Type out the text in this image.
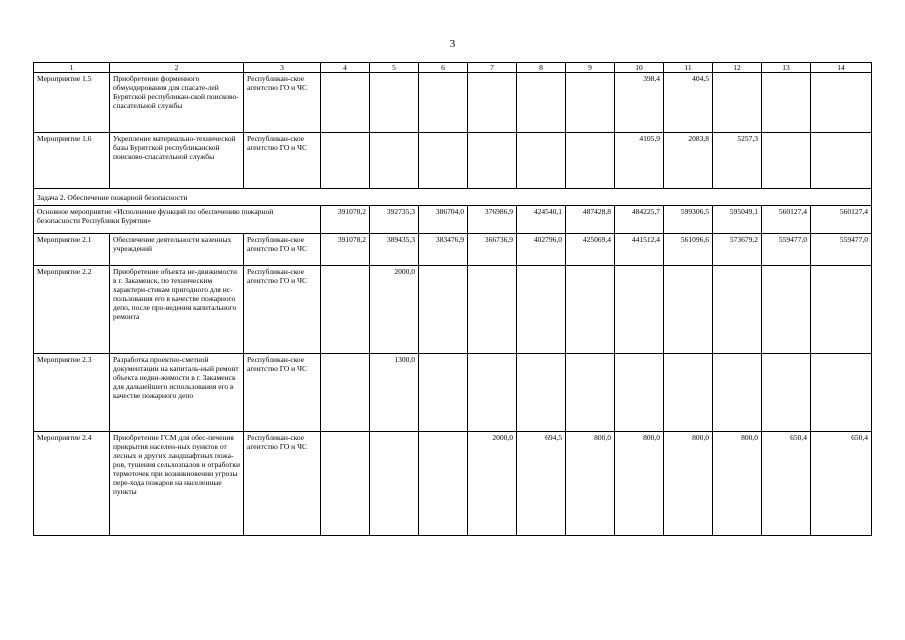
3
1	2	3	4	5	6	7	8	9	10	11	12	13	14
Мероприятие 1.5	Приобретение форменного обмундирования для спасате-лей Бурятской республикан-ской поисково-спасательной службы	Республикан-ское агентство ГО и ЧС							398,4	404,5			
Мероприятие 1.6	Укрепление материально-технической базы Бурятской республиканской поисково-спасательной службы	Республикан-ское агентство ГО и ЧС							4105,9	2083,8	5257,3		
Задача 2. Обеспечение пожарной безопасности													
Основное мероприятие «Исполнение функций по обеспечению пожарной безопасности Республики Бурятия»			391078,2	392735,3	386704,0	376986,9	424540,1	487428,8	484225,7	599306,5	595049,1	560127,4	560127,4
Мероприятие 2.1	Обеспечение деятельности казенных учреждений	Республикан-ское агентство ГО и ЧС	391078,2	389435,3	383476,9	366736,9	402796,0	425069,4	441512,4	561096,6	573679,2	559477,0	559477,0
Мероприятие 2.2	Приобретение объекта не-движимости в г. Закаменск, по техническим характери-стикам пригодного для ис-пользования его в качестве пожарного депо, после про-ведения капитального ремонта	Республикан-ское агентство ГО и ЧС		2000,0									
Мероприятие 2.3	Разработка проектно-сметной документации на капиталь-ный ремонт объекта недви-жимости в г. Закаменск для дальнейшего использования его в качестве пожарного депо	Республикан-ское агентство ГО и ЧС		1300,0									
Мероприятие 2.4	Приобретение ГСМ для обес-печения прикрытия населен-ных пунктов от лесных и других ландшафтных пожа-ров, тушения сельхозпалов и отработки термоточек при возникновении угрозы пере-хода пожаров на населенные пункты	Республикан-ское агентство ГО и ЧС				2000,0	694,5	800,0	800,0	800,0	800,0	650,4	650,4
